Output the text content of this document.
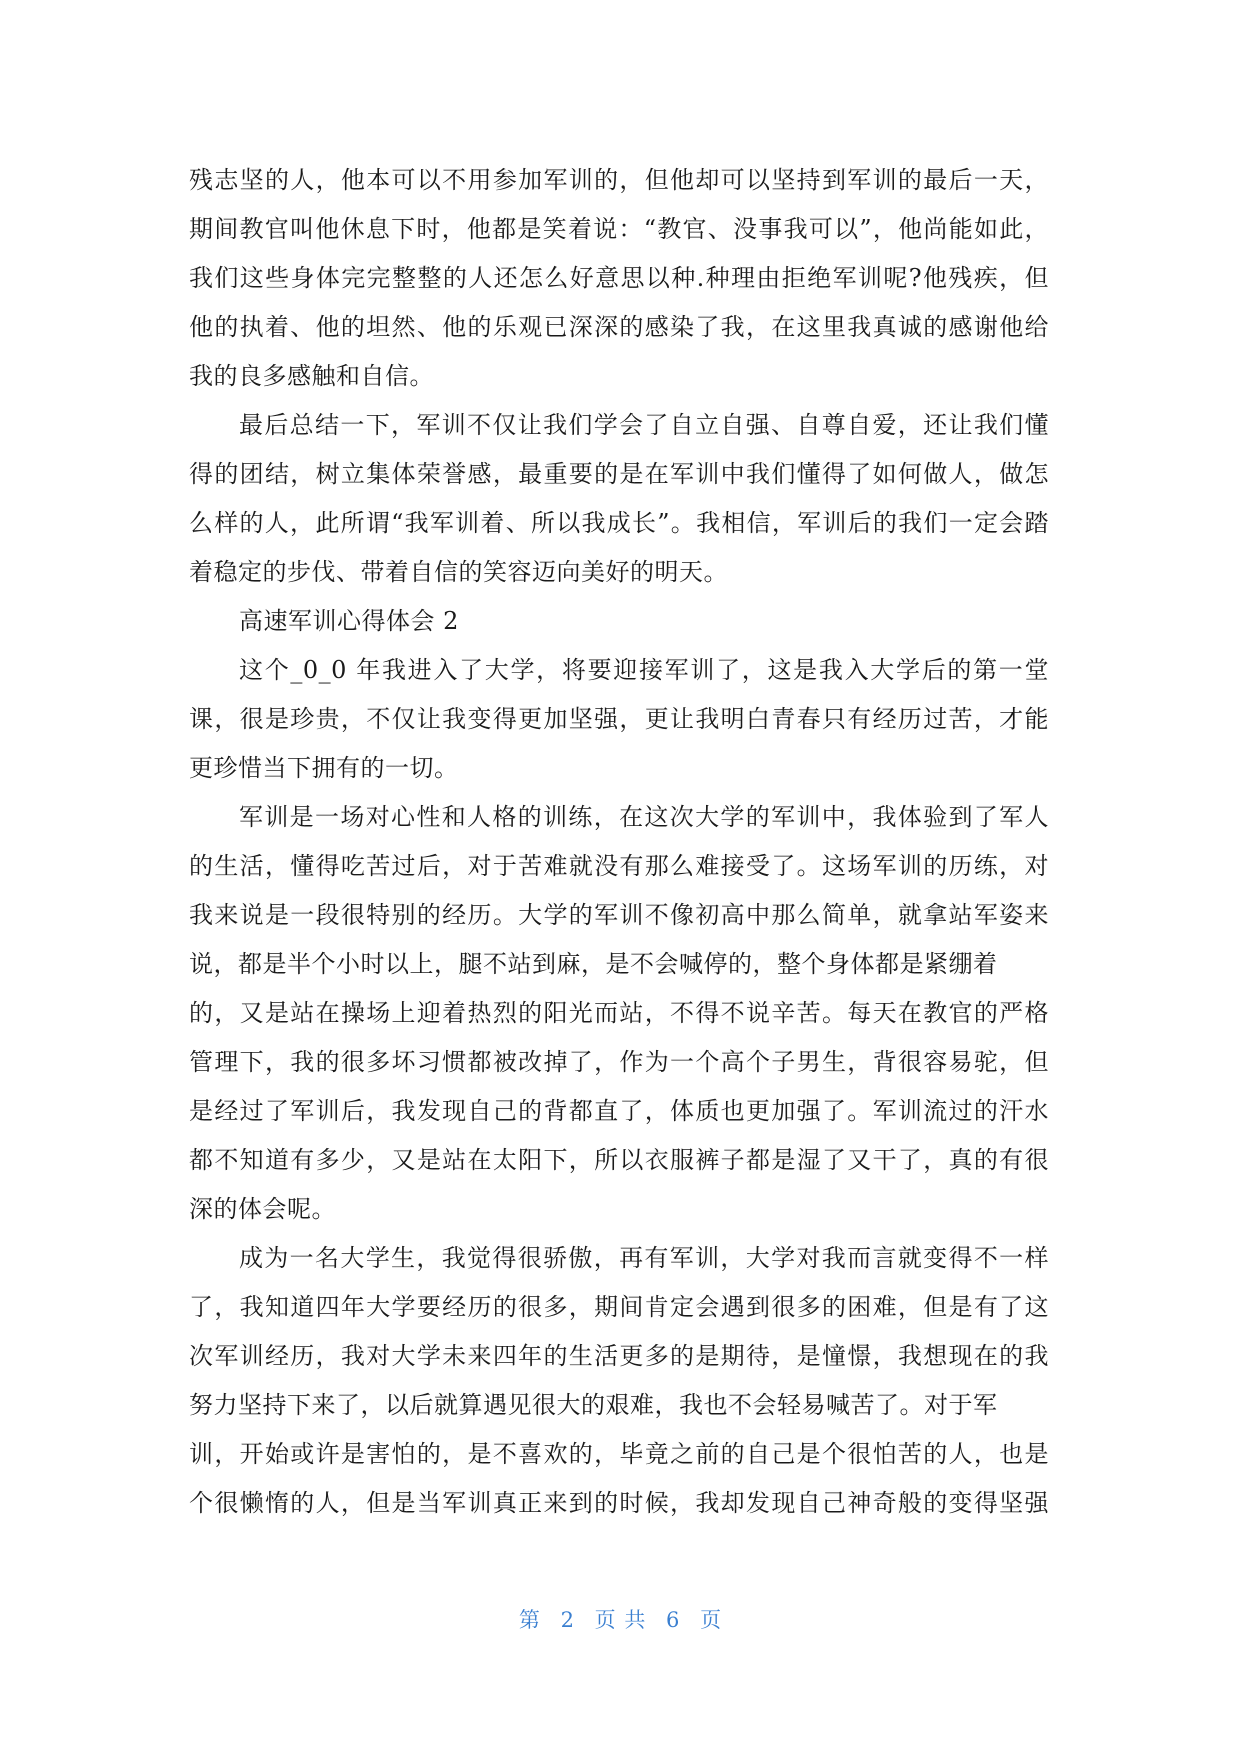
残志坚的人，他本可以不用参加军训的，但他却可以坚持到军训的最后一天，
期间教官叫他休息下时，他都是笑着说：“教官、没事我可以”，他尚能如此，
我们这些身体完完整整的人还怎么好意思以种.种理由拒绝军训呢?他残疾，但
他的执着、他的坦然、他的乐观已深深的感染了我，在这里我真诚的感谢他给
我的良多感触和自信。
最后总结一下，军训不仅让我们学会了自立自强、自尊自爱，还让我们懂
得的团结，树立集体荣誉感，最重要的是在军训中我们懂得了如何做人，做怎
么样的人，此所谓“我军训着、所以我成长”。我相信，军训后的我们一定会踏
着稳定的步伐、带着自信的笑容迈向美好的明天。
高速军训心得体会 2
这个_0_0 年我进入了大学，将要迎接军训了，这是我入大学后的第一堂
课，很是珍贵，不仅让我变得更加坚强，更让我明白青春只有经历过苦，才能
更珍惜当下拥有的一切。
军训是一场对心性和人格的训练，在这次大学的军训中，我体验到了军人
的生活，懂得吃苦过后，对于苦难就没有那么难接受了。这场军训的历练，对
我来说是一段很特别的经历。大学的军训不像初高中那么简单，就拿站军姿来
说，都是半个小时以上，腿不站到麻，是不会喊停的，整个身体都是紧绷着
的，又是站在操场上迎着热烈的阳光而站，不得不说辛苦。每天在教官的严格
管理下，我的很多坏习惯都被改掉了，作为一个高个子男生，背很容易驼，但
是经过了军训后，我发现自己的背都直了，体质也更加强了。军训流过的汗水
都不知道有多少，又是站在太阳下，所以衣服裤子都是湿了又干了，真的有很
深的体会呢。
成为一名大学生，我觉得很骄傲，再有军训，大学对我而言就变得不一样
了，我知道四年大学要经历的很多，期间肯定会遇到很多的困难，但是有了这
次军训经历，我对大学未来四年的生活更多的是期待，是憧憬，我想现在的我
努力坚持下来了，以后就算遇见很大的艰难，我也不会轻易喊苦了。对于军
训，开始或许是害怕的，是不喜欢的，毕竟之前的自己是个很怕苦的人，也是
个很懒惰的人，但是当军训真正来到的时候，我却发现自己神奇般的变得坚强
第 2 页 共 6 页
